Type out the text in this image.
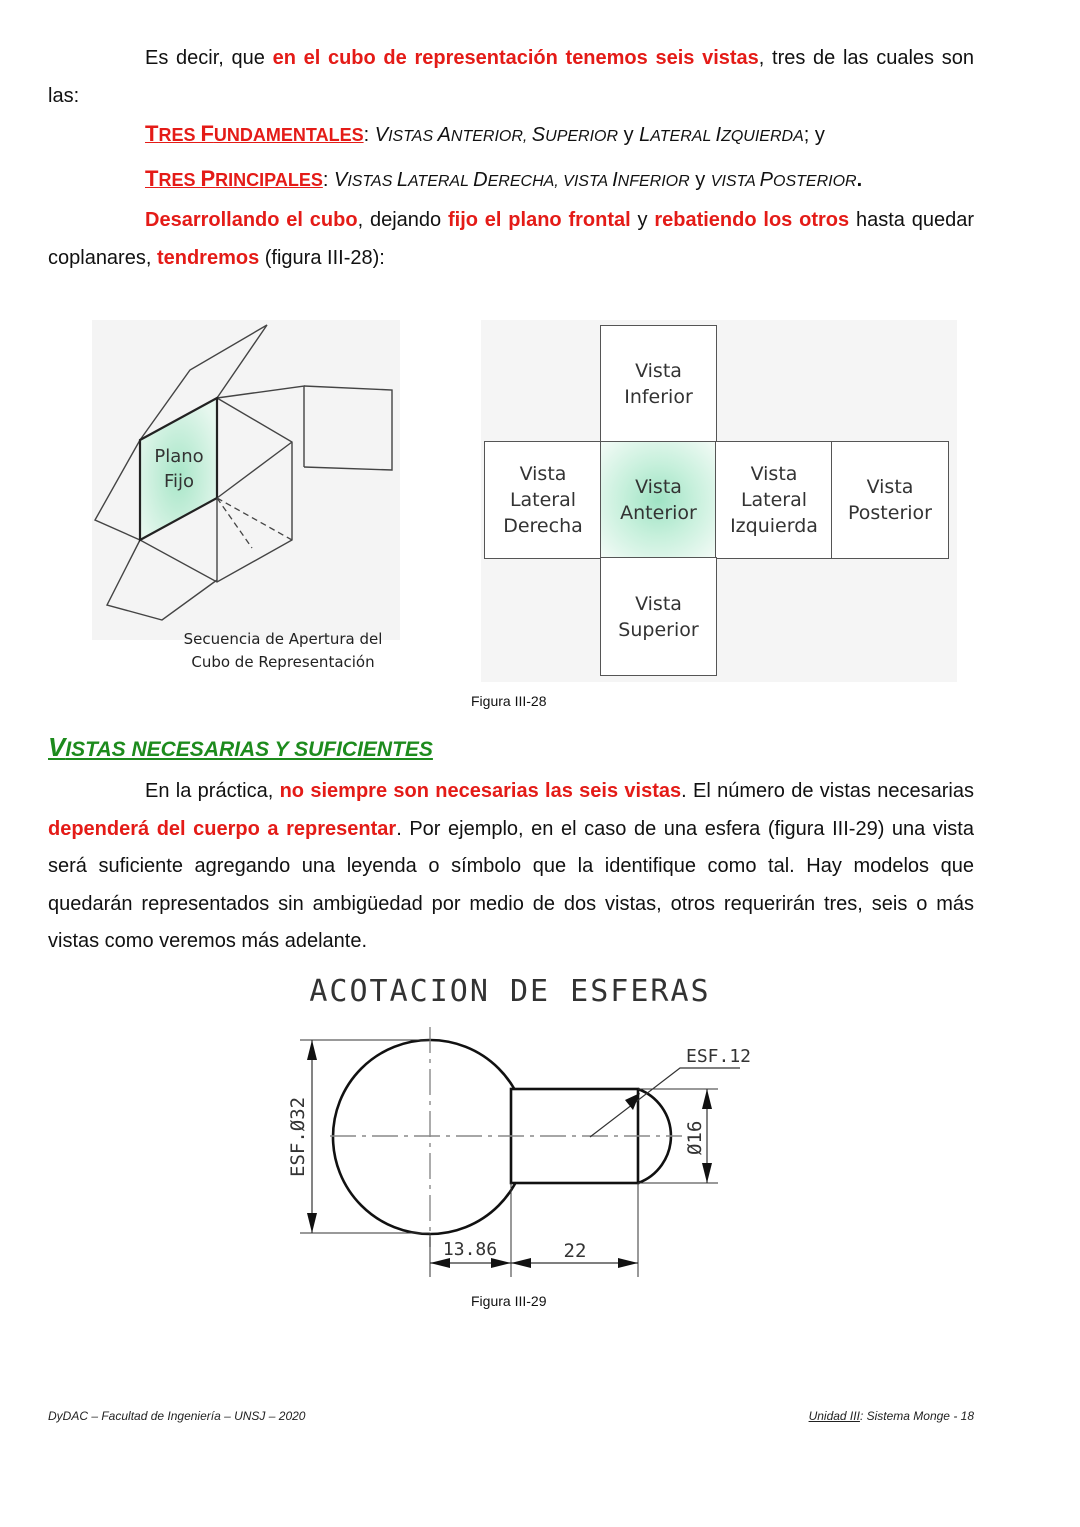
Es decir, que en el cubo de representación tenemos seis vistas, tres de las cuales son las:
TRES FUNDAMENTALES: VISTAS ANTERIOR, SUPERIOR y LATERAL IZQUIERDA; y
TRES PRINCIPALES: VISTAS LATERAL DERECHA, VISTA INFERIOR y VISTA POSTERIOR.
Desarrollando el cubo, dejando fijo el plano frontal y rebatiendo los otros hasta quedar coplanares, tendremos (figura III-28):
Plano
Fijo
Secuencia de Apertura del
Cubo de Representación
Vista
Inferior
Vista
Lateral
Derecha
Vista
Anterior
Vista
Lateral
Izquierda
Vista
Posterior
Vista
Superior
Figura III-28
VISTAS NECESARIAS Y SUFICIENTES
En la práctica, no siempre son necesarias las seis vistas. El número de vistas necesarias dependerá del cuerpo a representar. Por ejemplo, en el caso de una esfera (figura III-29) una vista será suficiente agregando una leyenda o símbolo que la identifique como tal. Hay modelos que quedarán representados sin ambigüedad por medio de dos vistas, otros requerirán tres, seis o más vistas como veremos más adelante.
ACOTACION DE ESFERAS
ESF.Ø32
ESF.12
Ø16
13.86	22
Figura III-29
DyDAC – Facultad de Ingeniería – UNSJ – 2020	Unidad III: Sistema Monge - 18
